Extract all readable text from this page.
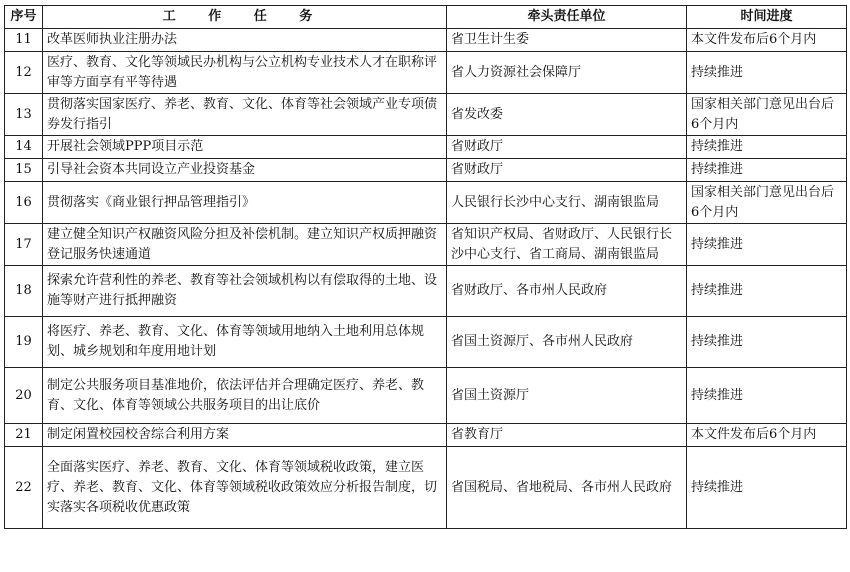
序号	工 作 任 务	牵头责任单位	时间进度
11	改革医师执业注册办法	省卫生计生委	本文件发布后6个月内
12	医疗、教育、文化等领域民办机构与公立机构专业技术人才在职称评审等方面享有平等待遇	省人力资源社会保障厅	持续推进
13	贯彻落实国家医疗、养老、教育、文化、体育等社会领域产业专项债券发行指引	省发改委	国家相关部门意见出台后6个月内
14	开展社会领域PPP项目示范	省财政厅	持续推进
15	引导社会资本共同设立产业投资基金	省财政厅	持续推进
16	贯彻落实《商业银行押品管理指引》	人民银行长沙中心支行、湖南银监局	国家相关部门意见出台后6个月内
17	建立健全知识产权融资风险分担及补偿机制。建立知识产权质押融资登记服务快速通道	省知识产权局、省财政厅、人民银行长沙中心支行、省工商局、湖南银监局	持续推进
18	探索允许营利性的养老、教育等社会领域机构以有偿取得的土地、设施等财产进行抵押融资	省财政厅、各市州人民政府	持续推进
19	将医疗、养老、教育、文化、体育等领域用地纳入土地利用总体规划、城乡规划和年度用地计划	省国土资源厅、各市州人民政府	持续推进
20	制定公共服务项目基准地价，依法评估并合理确定医疗、养老、教育、文化、体育等领域公共服务项目的出让底价	省国土资源厅	持续推进
21	制定闲置校园校舍综合利用方案	省教育厅	本文件发布后6个月内
22	全面落实医疗、养老、教育、文化、体育等领域税收政策，建立医疗、养老、教育、文化、体育等领域税收政策效应分析报告制度，切实落实各项税收优惠政策	省国税局、省地税局、各市州人民政府	持续推进
